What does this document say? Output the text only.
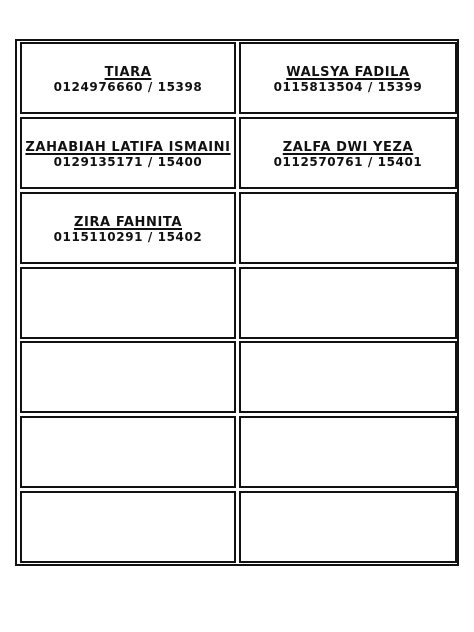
TIARA
0124976660 / 15398
WALSYA FADILA
0115813504 / 15399
ZAHABIAH LATIFA ISMAINI
0129135171 / 15400
ZALFA DWI YEZA
0112570761 / 15401
ZIRA FAHNITA
0115110291 / 15402
